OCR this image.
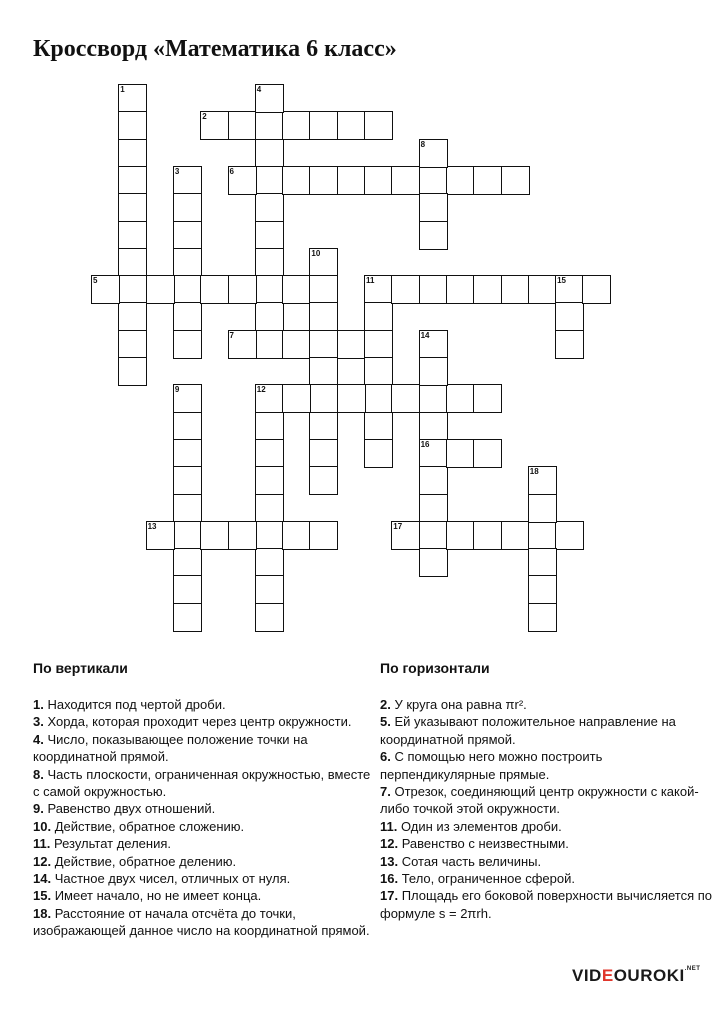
Кроссворд «Математика 6 класс»
1
2
3
4
5
6
7
8
9
10
11
12
13
14
15
16
17
18
По вертикали	По горизонтали
1. Находится под чертой дроби.
3. Хорда, которая проходит через центр окружности.
4. Число, показывающее положение точки на координатной прямой.
8. Часть плоскости, ограниченная окружностью, вместе с самой окружностью.
9. Равенство двух отношений.
10. Действие, обратное сложению.
11. Результат деления.
12. Действие, обратное делению.
14. Частное двух чисел, отличных от нуля.
15. Имеет начало, но не имеет конца.
18. Расстояние от начала отсчёта до точки, изображающей данное число на координатной прямой.
2. У круга она равна πr².
5. Ей указывают положительное направление на координатной прямой.
6. С помощью него можно построить перпендикулярные прямые.
7. Отрезок, соединяющий центр окружности с какой-либо точкой этой окружности.
11. Один из элементов дроби.
12. Равенство с неизвестными.
13. Сотая часть величины.
16. Тело, ограниченное сферой.
17. Площадь его боковой поверхности вычисляется по формуле s = 2πrh.
$VIDEOUROKI^{.NET}$
